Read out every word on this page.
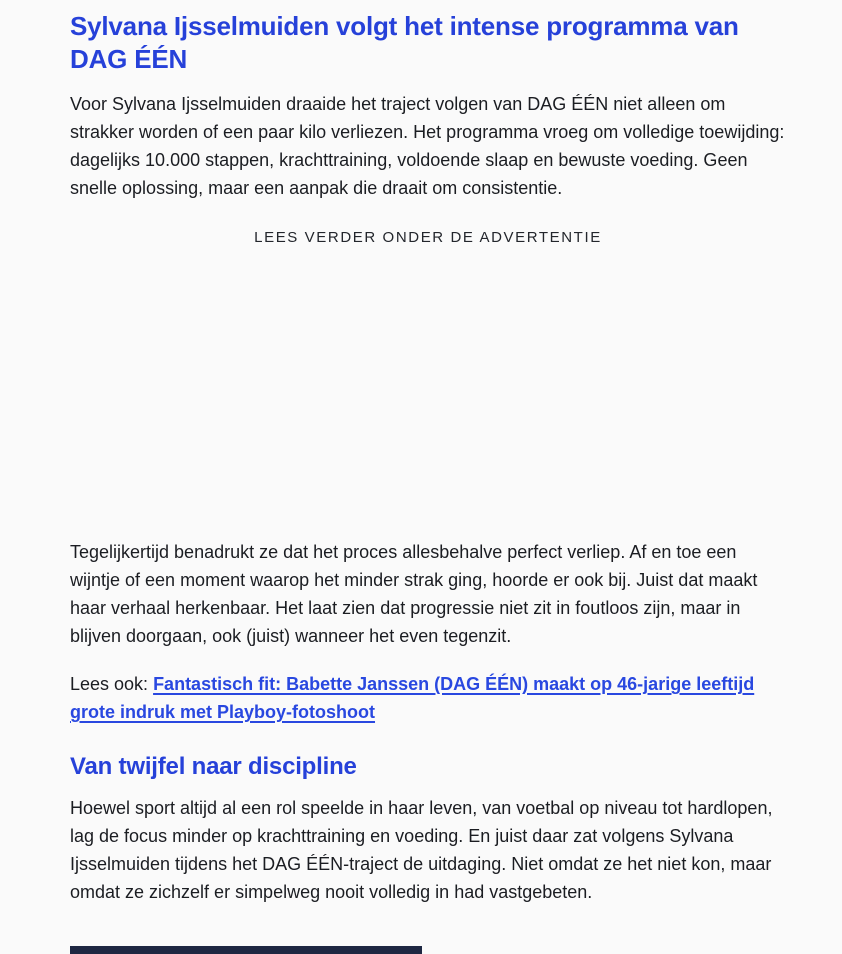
Sylvana Ijsselmuiden volgt het intense programma van DAG ÉÉN

Voor Sylvana Ijsselmuiden draaide het traject volgen van DAG ÉÉN niet alleen om strakker worden of een paar kilo verliezen. Het programma vroeg om volledige toewijding: dagelijks 10.000 stappen, krachttraining, voldoende slaap en bewuste voeding. Geen snelle oplossing, maar een aanpak die draait om consistentie.

LEES VERDER ONDER DE ADVERTENTIE

Tegelijkertijd benadrukt ze dat het proces allesbehalve perfect verliep. Af en toe een wijntje of een moment waarop het minder strak ging, hoorde er ook bij. Juist dat maakt haar verhaal herkenbaar. Het laat zien dat progressie niet zit in foutloos zijn, maar in blijven doorgaan, ook (juist) wanneer het even tegenzit.

Lees ook: Fantastisch fit: Babette Janssen (DAG ÉÉN) maakt op 46-jarige leeftijd grote indruk met Playboy-fotoshoot

Van twijfel naar discipline

Hoewel sport altijd al een rol speelde in haar leven, van voetbal op niveau tot hardlopen, lag de focus minder op krachttraining en voeding. En juist daar zat volgens Sylvana Ijsselmuiden tijdens het DAG ÉÉN-traject de uitdaging. Niet omdat ze het niet kon, maar omdat ze zichzelf er simpelweg nooit volledig in had vastgebeten.
